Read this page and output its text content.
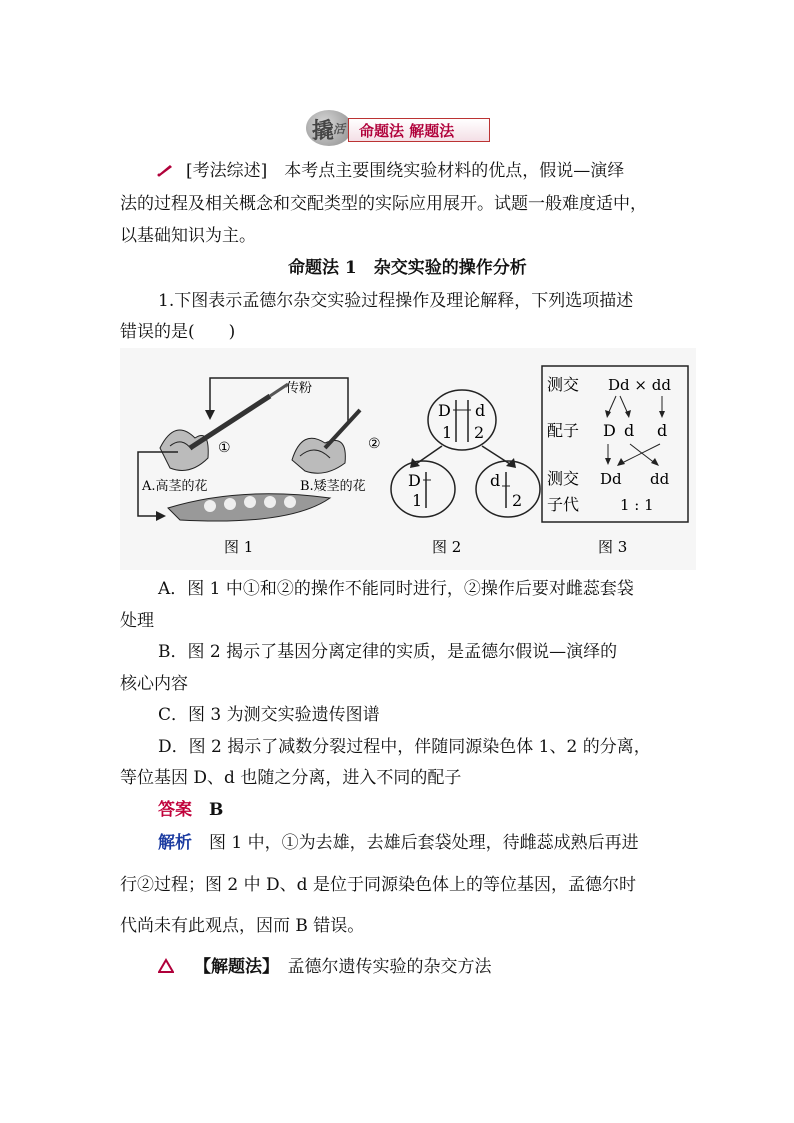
撬
活 命题法 解题法
[考法综述]　 本考点主要围绕实验材料的优点，假说—演绎
法的过程及相关概念和交配类型的实际应用展开。试题一般难度适中，
以基础知识为主。
命题法 1　杂交实验的操作分析
1.下图表示孟德尔杂交实验过程操作及理论解释，下列选项描述
错误的是(　　)
传粉
①	②
A.高茎的花	B.矮茎的花
图 1
D d
1 2
D
1
d
2
图 2
测交 Dd × dd
配子 D d d
测交 Dd dd
子代	1 : 1
图 3
A．图 1 中①和②的操作不能同时进行，②操作后要对雌蕊套袋
处理
B．图 2 揭示了基因分离定律的实质，是孟德尔假说—演绎的
核心内容
C．图 3 为测交实验遗传图谱
D．图 2 揭示了减数分裂过程中，伴随同源染色体 1、2 的分离，
等位基因 D、d 也随之分离，进入不同的配子
答案　 B
解析　 图 1 中，①为去雄，去雄后套袋处理，待雌蕊成熟后再进
行②过程；图 2 中 D、d 是位于同源染色体上的等位基因，孟德尔时
代尚未有此观点，因而 B 错误。
【解题法】　 孟德尔遗传实验的杂交方法
